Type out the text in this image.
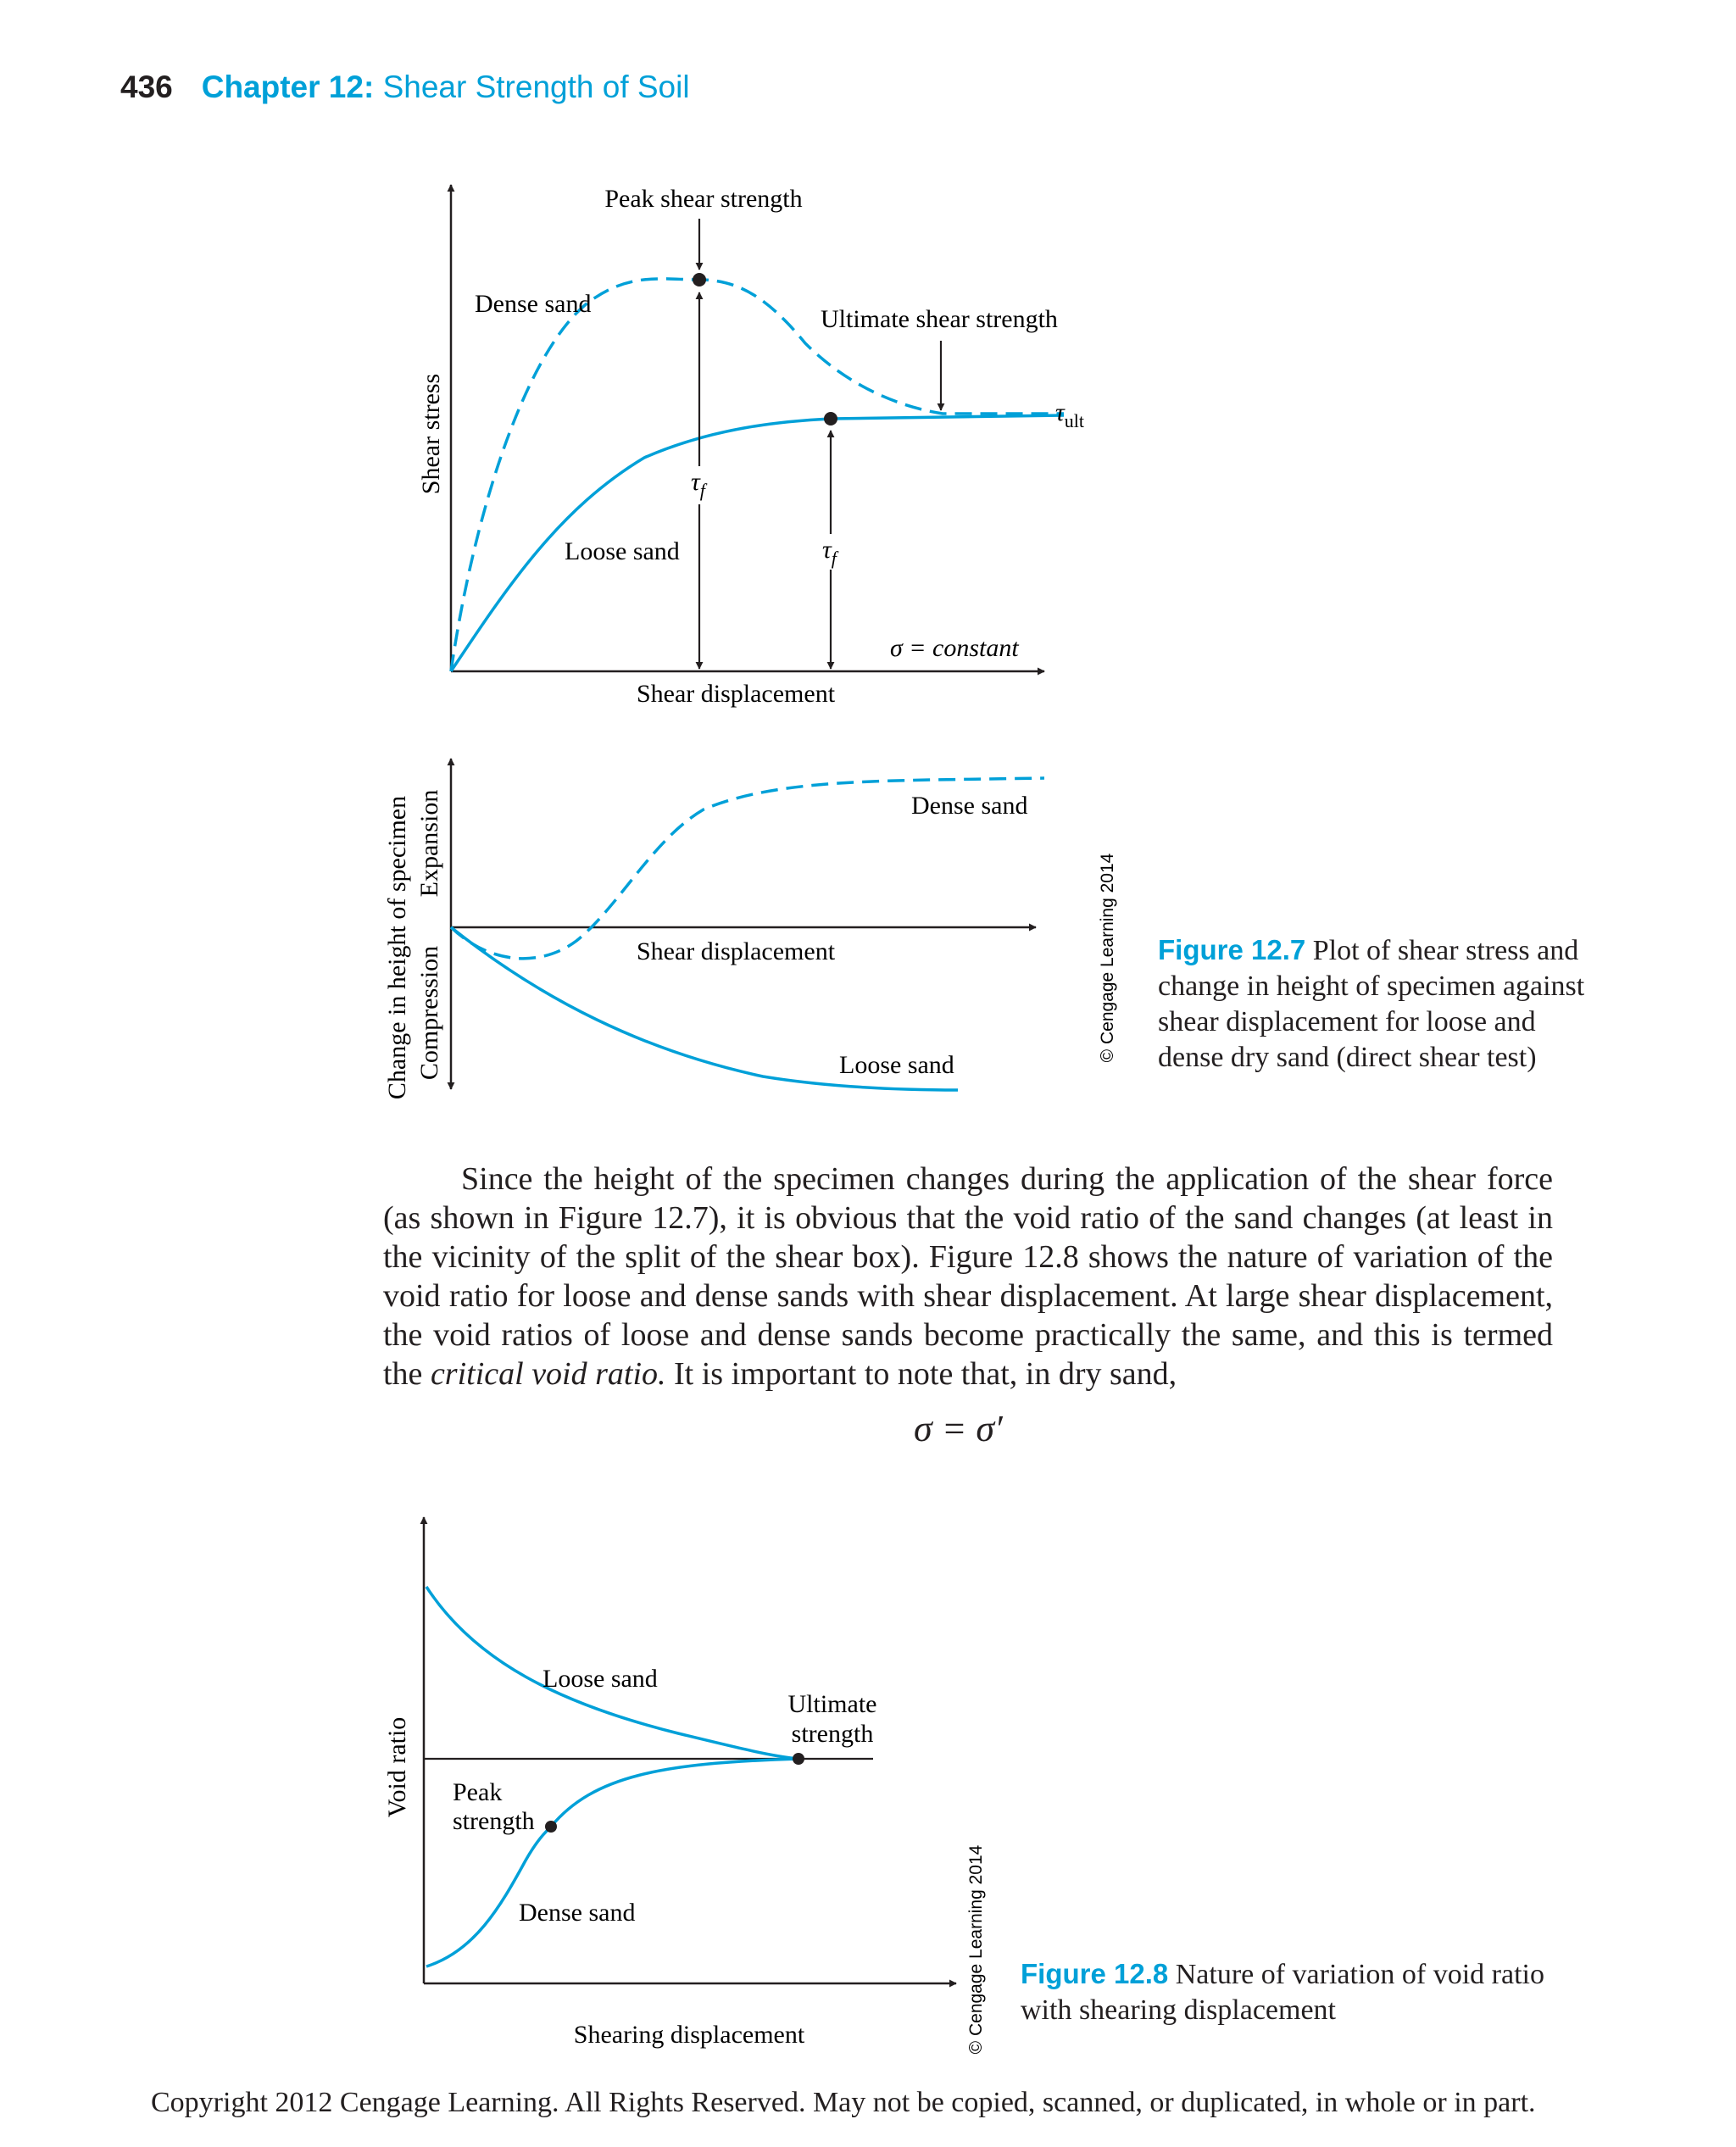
436 Chapter 12: Shear Strength of Soil
Peak shear strength
Dense sand
Ultimate shear strength
Loose sand
Shear displacement
σ = constant
$\tau_f$
$\tau_f$
$\tau_{ult}$
Shear stress
Dense sand
Shear displacement
Loose sand
Change in height of specimen Expansion
Compression	© Cengage Learning 2014
Loose sand
Ultimate
strength
Peak
strength
Dense sand
Shearing displacement
Void ratio
© Cengage Learning 2014
Figure 12.7 Plot of shear stress and change in height of specimen against shear displacement for loose and dense dry sand (direct shear test)

Since the height of the specimen changes during the application of the shear force (as shown in Figure 12.7), it is obvious that the void ratio of the sand changes (at least in the vicinity of the split of the shear box). Figure 12.8 shows the nature of variation of the void ratio for loose and dense sands with shear displacement. At large shear displacement, the void ratios of loose and dense sands become practically the same, and this is termed the critical void ratio. It is important to note that, in dry sand,

σ = σ′
Figure 12.8 Nature of variation of void ratio with shearing displacement
Copyright 2012 Cengage Learning. All Rights Reserved. May not be copied, scanned, or duplicated, in whole or in part.
